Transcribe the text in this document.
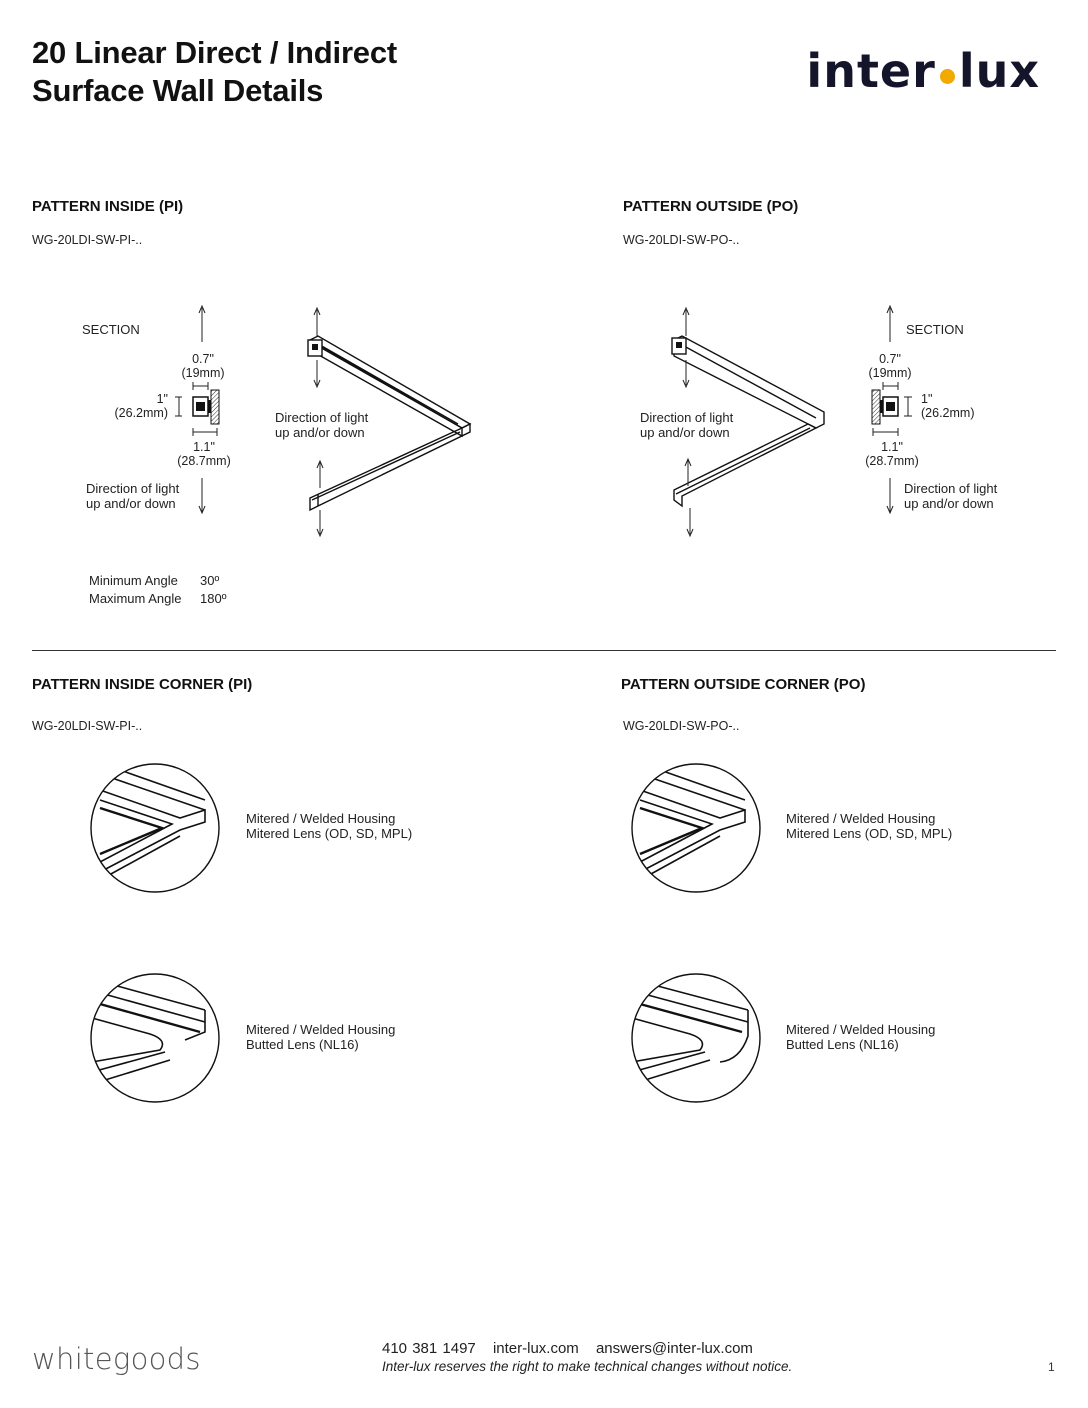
20 Linear Direct / Indirect
Surface Wall Details	inter lux
PATTERN INSIDE (PI)
WG-20LDI-SW-PI-..
SECTION
0.7"
(19mm)
1"
(26.2mm)
1.1"
(28.7mm)
Direction of light
up and/or down
Direction of light
up and/or down
Minimum Angle 30º
Maximum Angle 180º
PATTERN OUTSIDE (PO)
WG-20LDI-SW-PO-..
SECTION
0.7"
(19mm)
1"
(26.2mm)
1.1"
(28.7mm)
Direction of light
up and/or down
Direction of light
up and/or down
PATTERN INSIDE CORNER (PI)
WG-20LDI-SW-PI-..
Mitered / Welded Housing
Mitered Lens (OD, SD, MPL)
Mitered / Welded Housing
Butted Lens (NL16)
PATTERN OUTSIDE CORNER (PO)
WG-20LDI-SW-PO-..
Mitered / Welded Housing
Mitered Lens (OD, SD, MPL)
Mitered / Welded Housing
Butted Lens (NL16)
whitegoods	410 381 1497 inter-lux.com answers@inter-lux.com
Inter-lux reserves the right to make technical changes without notice.	1
